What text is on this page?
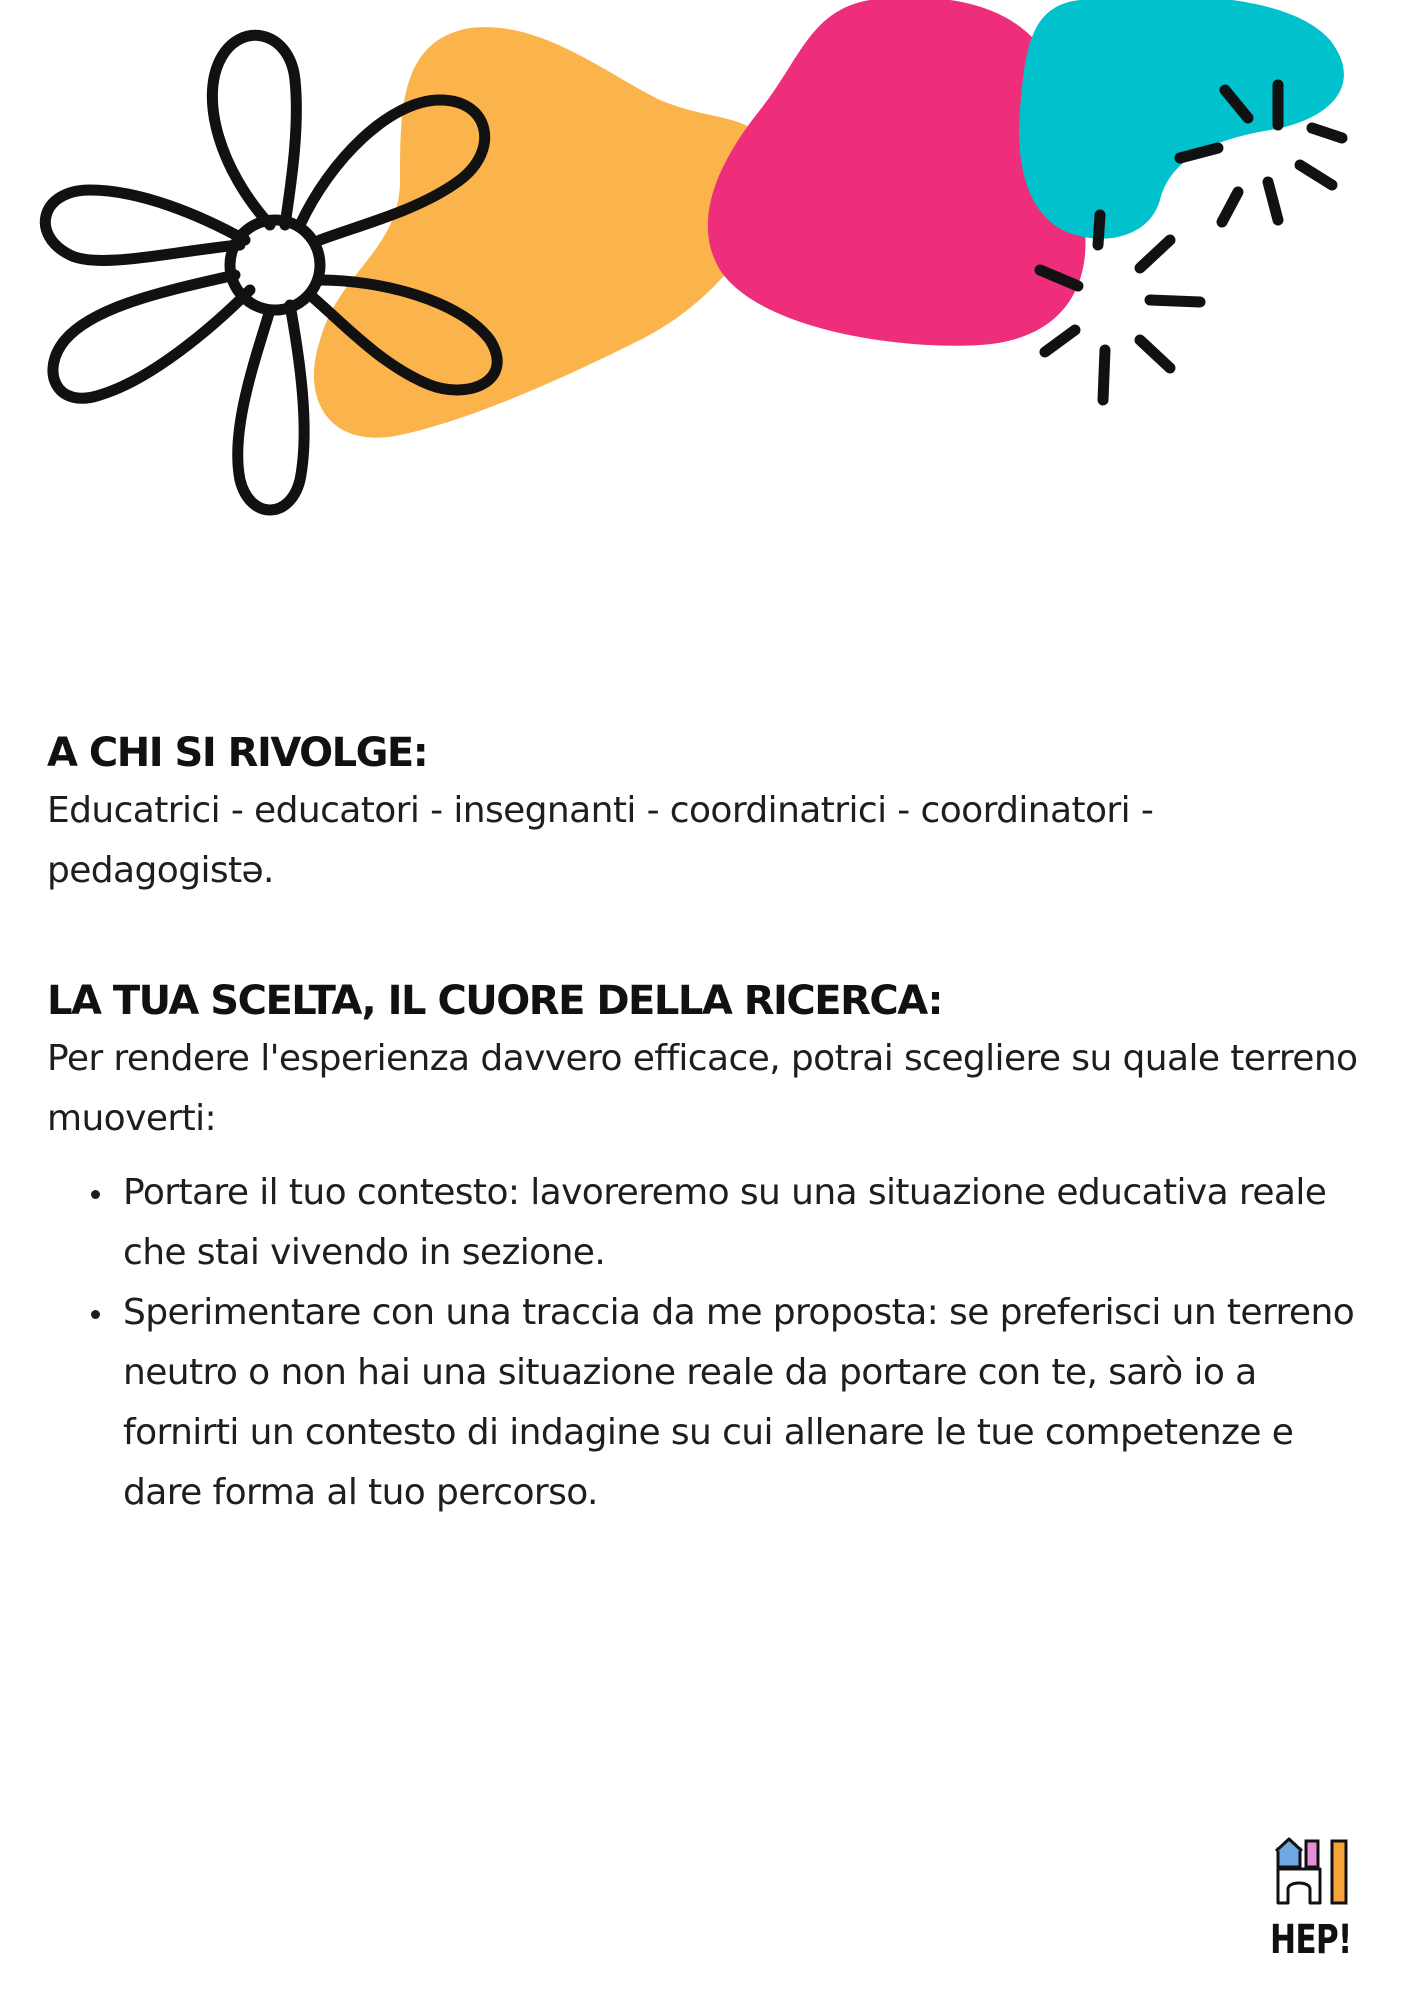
A CHI SI RIVOLGE:

Educatrici - educatori - insegnanti - coordinatrici - coordinatori - pedagogistə.

LA TUA SCELTA, IL CUORE DELLA RICERCA:

Per rendere l'esperienza davvero efficace, potrai scegliere su quale terreno muoverti:

Portare il tuo contesto: lavoreremo su una situazione educativa reale che stai vivendo in sezione.
Sperimentare con una traccia da me proposta: se preferisci un terreno neutro o non hai una situazione reale da portare con te, sarò io a fornirti un contesto di indagine su cui allenare le tue competenze e dare forma al tuo percorso.
HEP!
